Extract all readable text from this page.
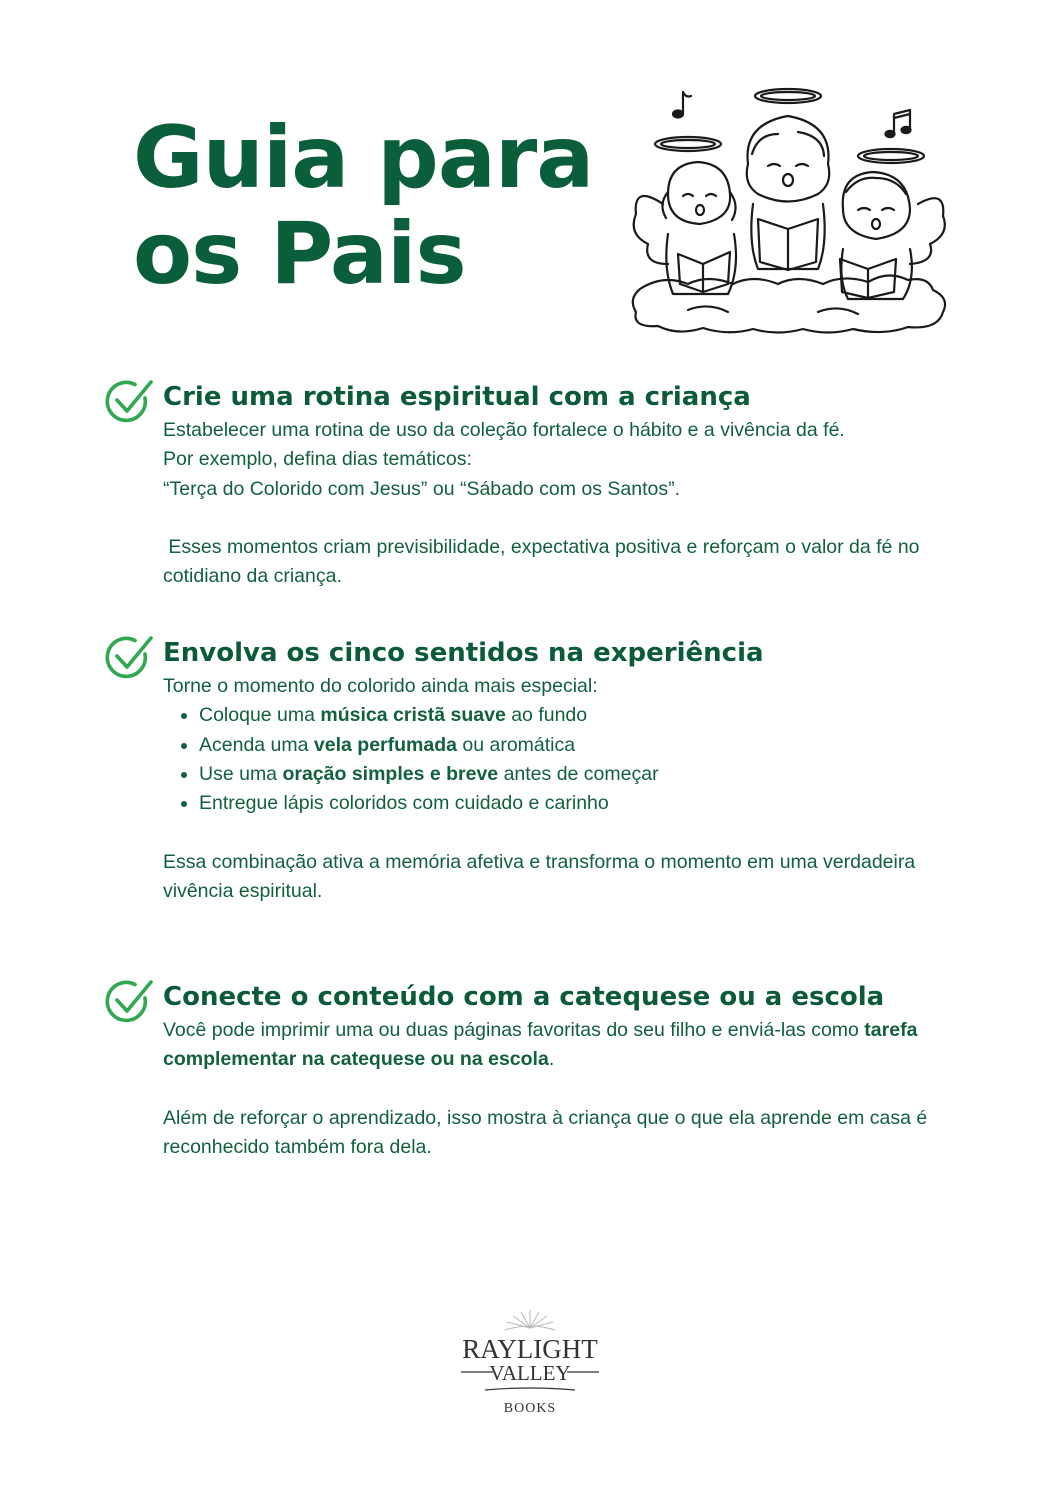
Guia para
os Pais
Crie uma rotina espiritual com a criança

Estabelecer uma rotina de uso da coleção fortalece o hábito e a vivência da fé.

Por exemplo, defina dias temáticos:

“Terça do Colorido com Jesus” ou “Sábado com os Santos”.

Esses momentos criam previsibilidade, expectativa positiva e reforçam o valor da fé no cotidiano da criança.

Envolva os cinco sentidos na experiência

Torne o momento do colorido ainda mais especial:

• Coloque uma música cristã suave ao fundo
• Acenda uma vela perfumada ou aromática
• Use uma oração simples e breve antes de começar
• Entregue lápis coloridos com cuidado e carinho

Essa combinação ativa a memória afetiva e transforma o momento em uma verdadeira vivência espiritual.

Conecte o conteúdo com a catequese ou a escola

Você pode imprimir uma ou duas páginas favoritas do seu filho e enviá-las como tarefa complementar na catequese ou na escola.

Além de reforçar o aprendizado, isso mostra à criança que o que ela aprende em casa é reconhecido também fora dela.

RAYLIGHT
VALLEY
BOOKS
